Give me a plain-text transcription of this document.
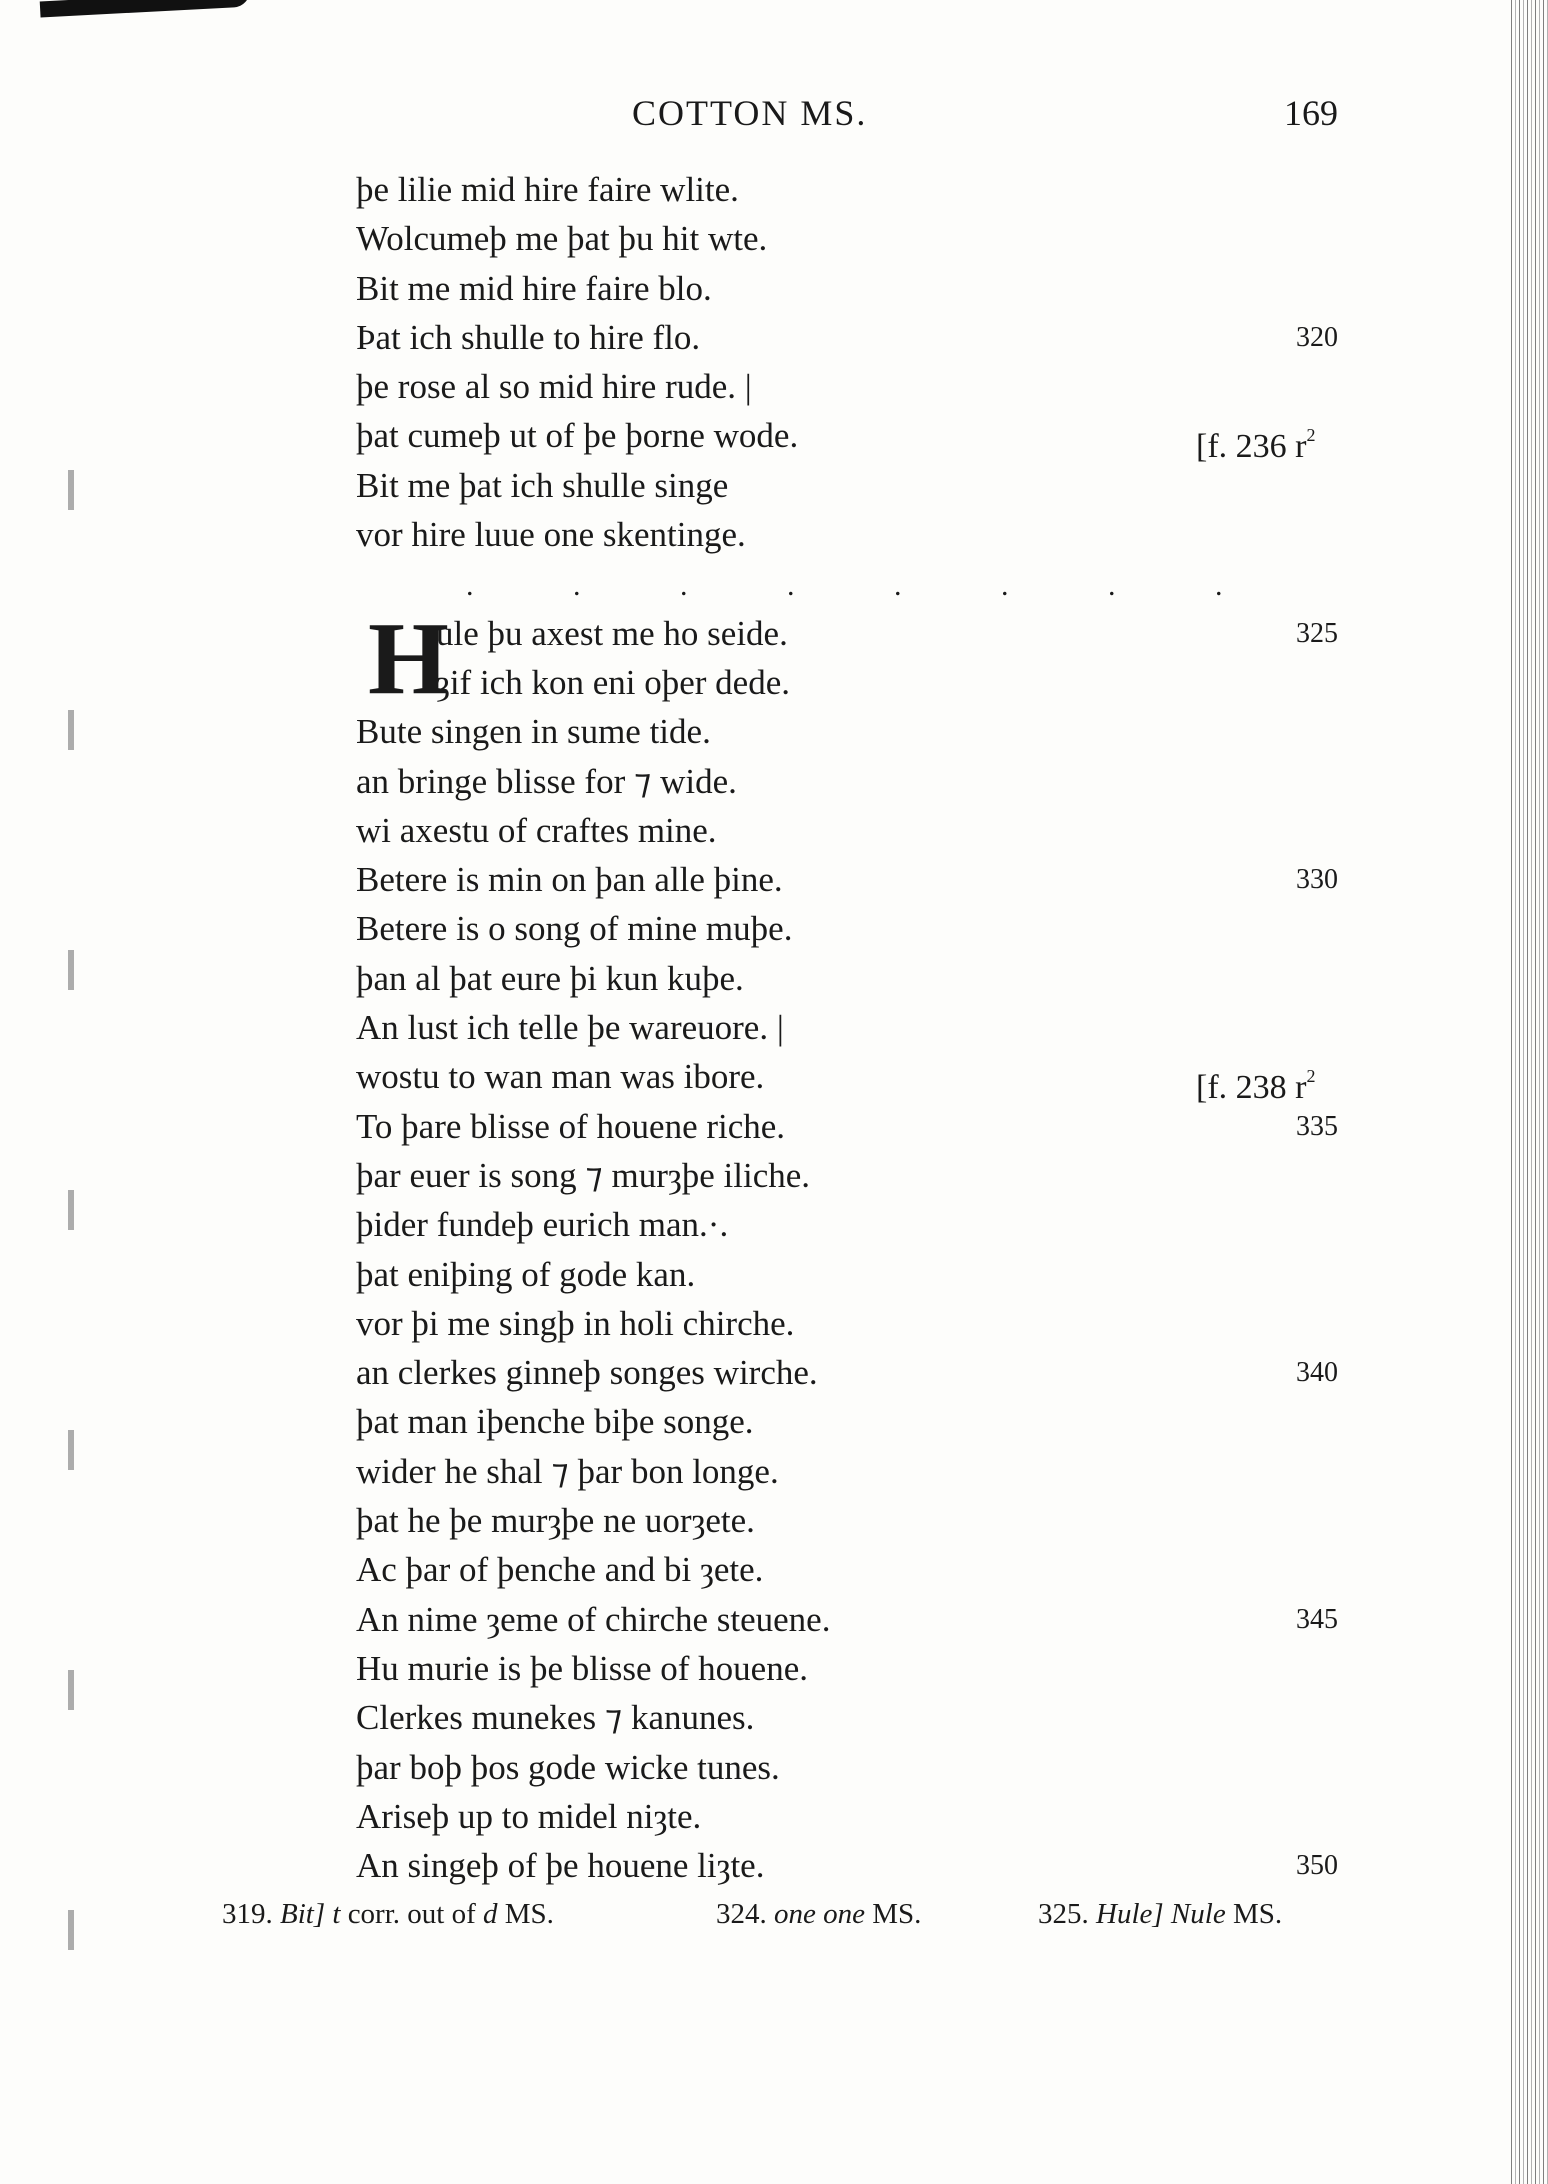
COTTON MS.	169
þe lilie mid hire faire wlite.
Wolcumeþ me þat þu hit wte.
Bit me mid hire faire blo.
Þat ich shulle to hire flo.	320
þe rose al so mid hire rude. |
þat cumeþ ut of þe þorne wode.	[f. 236 $r^2$
Bit me þat ich shulle singe
vor hire luue one skentinge.
. . . . . . . .
H
ule þu axest me ho seide.	325
ȝif ich kon eni oþer dede.
Bute singen in sume tide.
an bringe blisse for ⁊ wide.
wi axestu of craftes mine.
Betere is min on þan alle þine.	330
Betere is o song of mine muþe.
þan al þat eure þi kun kuþe.
An lust ich telle þe wareuore. |
wostu to wan man was ibore.	[f. 238 $r^2$
To þare blisse of houene riche.	335
þar euer is song ⁊ murȝþe iliche.
þider fundeþ eurich man.·.
þat eniþing of gode kan.
vor þi me singþ in holi chirche.
an clerkes ginneþ songes wirche.	340
þat man iþenche biþe songe.
wider he shal ⁊ þar bon longe.
þat he þe murȝþe ne uorȝete.
Ac þar of þenche and bi ȝete.
An nime ȝeme of chirche steuene.	345
Hu murie is þe blisse of houene.
Clerkes munekes ⁊ kanunes.
þar boþ þos gode wicke tunes.
Ariseþ up to midel niȝte.
An singeþ of þe houene liȝte.	350
319. Bit] t corr. out of d MS.	324. one one MS.	325. Hule] Nule MS.
